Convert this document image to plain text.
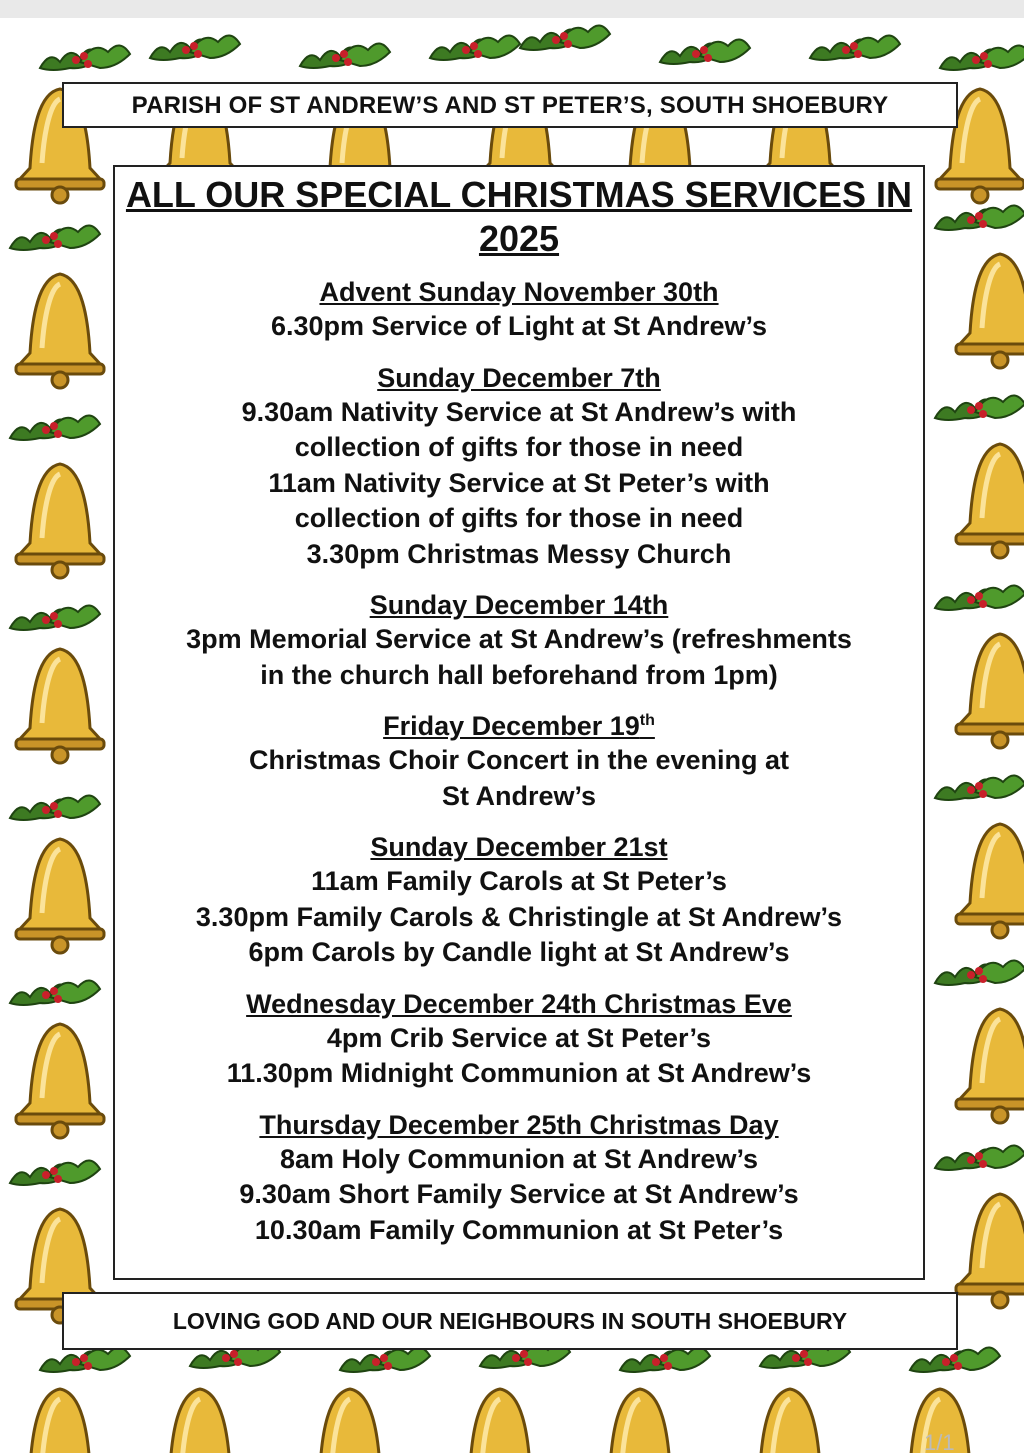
PARISH OF ST ANDREW’S AND ST PETER’S, SOUTH SHOEBURY
ALL OUR SPECIAL CHRISTMAS SERVICES IN 2025
Advent Sunday November 30th
6.30pm Service of Light at St Andrew’s
Sunday December 7th
9.30am Nativity Service at St Andrew’s with
collection of gifts for those in need
11am Nativity Service at St Peter’s with
collection of gifts for those in need
3.30pm Christmas Messy Church
Sunday December 14th
3pm Memorial Service at St Andrew’s (refreshments
in the church hall beforehand from 1pm)
Friday December 19th
Christmas Choir Concert in the evening at
St Andrew’s
Sunday December 21st
11am Family Carols at St Peter’s
3.30pm Family Carols & Christingle at St Andrew’s
6pm Carols by Candle light at St Andrew’s
Wednesday December 24th Christmas Eve
4pm Crib Service at St Peter’s
11.30pm Midnight Communion at St Andrew’s
Thursday December 25th Christmas Day
8am Holy Communion at St Andrew’s
9.30am Short Family Service at St Andrew’s
10.30am Family Communion at St Peter’s
LOVING GOD AND OUR NEIGHBOURS IN SOUTH SHOEBURY
1/1
